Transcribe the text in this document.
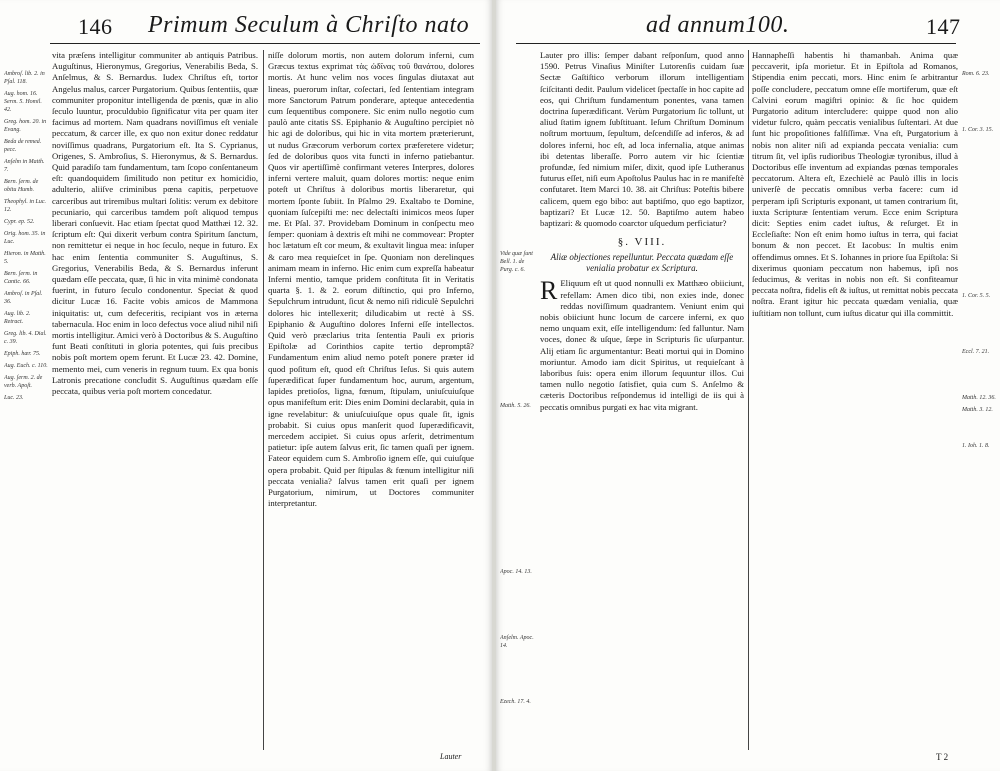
146 Primum Seculum à Chriſto nato
Ambroſ. lib. 2. in Pſal. 118.
Aug. hom. 16. Serm. 5. Homil. 42.
Greg. hom. 20. in Evang.
Beda de remed. pecc.
Anſelm in Matth. 7.
Bern. ſerm. de obitu Humb.
Theophyl. in Luc. 12.
Cypr. ep. 52.
Orig. hom. 35. in Luc.
Hieron. in Matth. 5.
Bern. ſerm. in Cantic. 66.
Ambroſ. in Pſal. 36.
Aug. lib. 2. Retract.
Greg. lib. 4. Dial. c. 39.
Epiph. hær. 75.
Aug. Euch. c. 110.
Aug. ſerm. 2. de verb. Apoſt.
Luc. 23.

vita præſens intelligitur communiter ab antiquis Patribus. Auguſtinus, Hieronymus, Gregorius, Venerabilis Beda, S. Anſelmus, & S. Bernardus. Iudex Chriſtus eſt, tortor Angelus malus, carcer Purgatorium. Quibus ſententiis, quæ communiter proponitur intelligenda de pœnis, quæ in alio ſeculo luuntur, proculdubio ſignificatur vita per quam iter facimus ad mortem. Nam quadrans noviſſimus eſt veniale peccatum, & carcer ille, ex quo non exitur donec reddatur noviſſimus quadrans, Purgatorium eſt. Ita S. Cyprianus, Origenes, S. Ambroſius, S. Hieronymus, & S. Bernardus. Quid paradiſo tam fundamentum, tam ſcopo conſentaneum eſt: quandoquidem ſimilitudo non petitur ex homicidio, adulterio, aliiſve criminibus pœna capitis, perpetuove carceribus aut triremibus multari ſolitis: verum ex debitore pecuniario, qui carceribus tamdem poſt aliquod tempus liberari conſuevit. Hac etiam ſpectat quod Matthæi 12. 32. ſcriptum eſt: Qui dixerit verbum contra Spiritum ſanctum, non remittetur ei neque in hoc ſeculo, neque in futuro. Ex hac enim ſententia communiter S. Auguſtinus, S. Gregorius, Venerabilis Beda, & S. Bernardus inferunt quædam eſſe peccata, quæ, ſi hic in vita minimè condonata fuerint, in futuro ſeculo condonentur. Speciat & quod dicitur Lucæ 16. Facite vobis amicos de Mammona iniquitatis: ut, cum defeceritis, recipiant vos in æterna tabernacula. Hoc enim in loco defectus voce aliud nihil niſi mortis intelligitur. Amici verò à Doctoribus & S. Auguſtino funt Beati conſtituti in gloria potentes, qui ſuis precibus nobis poſt mortem opem ferunt. Et Lucæ 23. 42. Domine, memento mei, cum veneris in regnum tuum. Ex qua bonis Latronis precatione concludit S. Auguſtinus quædam eſſe peccata, quibus veria poſt mortem concedatur.

niſſe dolorum mortis, non autem dolorum inferni, cum Græcus textus exprimat τὰς ὠδῖνας τοῦ θανάτου, dolores mortis. At hunc velim nos voces ſingulas diutaxat aut lineas, puerorum inſtar, coſectari, ſed ſententiam integram more Sanctorum Patrum ponderare, apteque antecedentia cum ſequentibus componere. Sic enim nullo negotio cum paulò ante citatis SS. Epiphanio & Auguſtino percipiet nò hic agi de doloribus, qui hic in vita mortem præterierunt, ut nudus Græcorum verborum cortex præferetere videtur; ſed de doloribus quos vita functi in inferno patiebantur. Quos vir apertiſſimè confirmant veteres Interpres, dolores inferni vertere maluit, quam dolores mortis: neque enim poteſt ut Chriſtus à doloribus mortis liberaretur, qui mortem ſponte ſubiit. In Pſalmo 29. Exaltabo te Domine, quoniam ſuſcepiſti me: nec delectaſti inimicos meos ſuper me. Et Pſal. 37. Providebam Dominum in conſpectu meo ſemper: quoniam à dextris eſt mihi ne commovear: Propter hoc lætatum eſt cor meum, & exultavit lingua mea: inſuper & caro mea requieſcet in ſpe. Quoniam non derelinques animam meam in inferno. Hic enim cum expreſſa habeatur Inferni mentio, tamque pridem conſtituta ſit in Veritatis quarta §. 1. & 2. eorum diſtinctio, qui pro Inferno, Sepulchrum intrudunt, ſicut & nemo niſi ridiculè Sepulchri dolores hic intellexerit; diludicabim ut rectè à SS. Epiphanio & Auguſtino dolores Inferni eſſe intellectos. Quid verò præclarius trita ſententia Pauli ex prioris Epiſtolæ ad Corinthios capite tertio depromptâ? Fundamentum enim aliud nemo poteſt ponere præter id quod poſitum eſt, quod eſt Chriſtus Ieſus. Si quis autem ſuperædificat ſuper fundamentum hoc, aurum, argentum, lapides pretioſos, ligna, fœnum, ſtipulam, uniuſcuiuſque opus manifeſtum erit: Dies enim Domini declarabit, quia in igne revelabitur: & uniuſcuiuſque opus quale ſit, ignis probabit. Si cuius opus manſerit quod ſuperædificavit, mercedem accipiet. Si cuius opus arſerit, detrimentum patietur: ipſe autem ſalvus erit, ſic tamen quaſi per ignem. Fateor equidem cum S. Ambroſio ignem eſſe, qui cuiuſque opera probabit. Quid per ſtipulas & fœnum intelligitur niſi peccata venialia? ſalvus tamen erit quaſi per ignem Purgatorium, nimirum, ut Doctores communiter interpretantur.

Lauter
ad annum100.	147
Vide quæ ſunt Bell. 1. de Purg. c. 6.
Matth. 5. 26.
Apoc. 14. 13.
Anſelm. Apoc. 14.
Ezech. 17. 4.

Lauter pro illis: ſemper dabant reſponſum, quod anno 1590. Petrus Vinaſius Miniſter Lutorenſis cuidam ſuæ Sectæ Gaſtiſtico verborum illorum intelligentiam ſciſcitanti dedit. Paulum videlicet ſpectaſſe in hoc capite ad eos, qui Chriſtum fundamentum ponentes, vana tamen doctrina ſuperædificant. Verùm Purgatorium ſic tollunt, ut aliud ſtatim ignem ſubſtituant. Ieſum Chriſtum Dominum noſtrum mortuum, ſepultum, deſcendiſſe ad inferos, & ad dolores inferni, hoc eſt, ad loca infernalia, atque animas ibi detentas liberaſſe. Porro autem vir hic ſcientiæ profundæ, ſed nimium miſer, dixit, quod ipſe Lutheranus futurus eſſet, niſi eum Apoſtolus Paulus hac in re manifeſtè confutaret. Item Marci 10. 38. ait Chriſtus: Poteſtis bibere calicem, quem ego bibo: aut baptiſmo, quo ego baptizor, baptizari? Et Lucæ 12. 50. Baptiſmo autem habeo baptizari: & quomodo coarctor uſquedum perficiatur?

§. VIII.
Aliæ objectiones repelluntur. Peccata quædam eſſe venialia probatur ex Scriptura.

R Eliquum eſt ut quod nonnulli ex Matthæo obiiciunt, refellam: Amen dico tibi, non exies inde, donec reddas noviſſimum quadrantem. Veniunt enim qui nobis obiiciunt hunc locum de carcere inferni, ex quo nemo unquam exit, eſſe intelligendum: ſed falluntur. Nam voces, donec & uſque, ſæpe in Scripturis ſic uſurpantur. Alij etiam ſic argumentantur: Beati mortui qui in Domino moriuntur. Amodo iam dicit Spiritus, ut requieſcant à laboribus ſuis: opera enim illorum ſequuntur illos. Cui tamen nullo negotio ſatisfiet, quia cum S. Anſelmo & cæteris Doctoribus reſpondemus id intelligi de iis qui à peccatis omnibus purgati ex hac vita migrant.

Hannapheſſi habentis hi thamanbah. Anima quæ peccaverit, ipſa morietur. Et in Epiſtola ad Romanos, Stipendia enim peccati, mors. Hinc enim ſe arbitrantur poſſe concludere, peccatum omne eſſe mortiferum, quæ eſt Calvini eorum magiſtri opinio: & ſic hoc quidem Purgatorio aditum intercludere: quippe quod non alio videtur fulcro, quàm peccatis venialibus ſuſtentari. At due ſunt hic propoſitiones falſiſſimæ. Vna eſt, Purgatorium à nobis non aliter niſi ad expianda peccata venialia: cum titrum ſit, vel ipſis rudioribus Theologiæ tyronibus, illud à Doctoribus eſſe inventum ad expiandas pœnas temporales peccatorum. Altera eſt, Ezechielè ac Paulò illis in locis univerſè de peccatis omnibus verba facere: cum id perperam ipſi Scripturis exponant, ut tamen contrarium ſit, iuxta Scripturæ ſententiam verum. Ecce enim Scriptura dicit: Septies enim cadet iuſtus, & reſurget. Et in Eccleſiaſte: Non eſt enim homo iuſtus in terra, qui faciat bonum & non peccet. Et Iacobus: In multis enim offendimus omnes. Et S. Iohannes in priore ſua Epiſtola: Si dixerimus quoniam peccatum non habemus, ipſi nos ſeducimus, & veritas in nobis non eſt. Si confiteamur peccata noſtra, fidelis eſt & iuſtus, ut remittat nobis peccata noſtra. Erant igitur hic peccata quædam venialia, quæ iuſtitiam non tollunt, cum iuſtus dicatur qui illa committit.

Rom. 6. 23.
1. Cor. 3. 15.
1. Cor. 5. 5.
Eccl. 7. 21.
Matth. 12. 36.
Matth. 3. 12.
1. Ioh. 1. 8.
T 2
